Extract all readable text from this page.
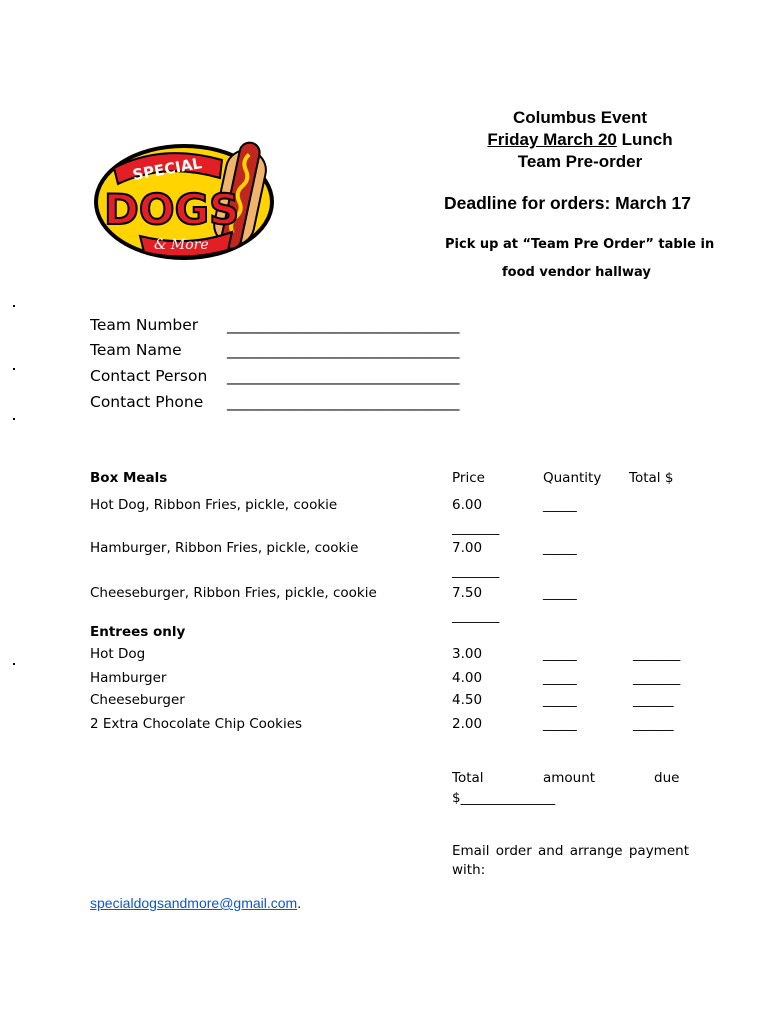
SPECIAL
DOGS
& More
Columbus Event
Friday March 20 Lunch
Team Pre-order
Deadline for orders: March 17
Pick up at “Team Pre Order” table in
food vendor hallway
Team Number ______________________________
Team Name	______________________________
Contact Person ______________________________
Contact Phone ______________________________
Box Meals	Price	Quantity Total $
Hot Dog, Ribbon Fries, pickle, cookie	6.00	_____
_______
Hamburger, Ribbon Fries, pickle, cookie	7.00	_____
_______
Cheeseburger, Ribbon Fries, pickle, cookie	7.50	_____
_______
Entrees only
Hot Dog	3.00	_____	_______
Hamburger	4.00	_____	_______
Cheeseburger	4.50	_____	______
2 Extra Chocolate Chip Cookies	2.00	_____	______
Total	amount	due
$______________
Email order and arrange payment
with:
specialdogsandmore@gmail.com.
